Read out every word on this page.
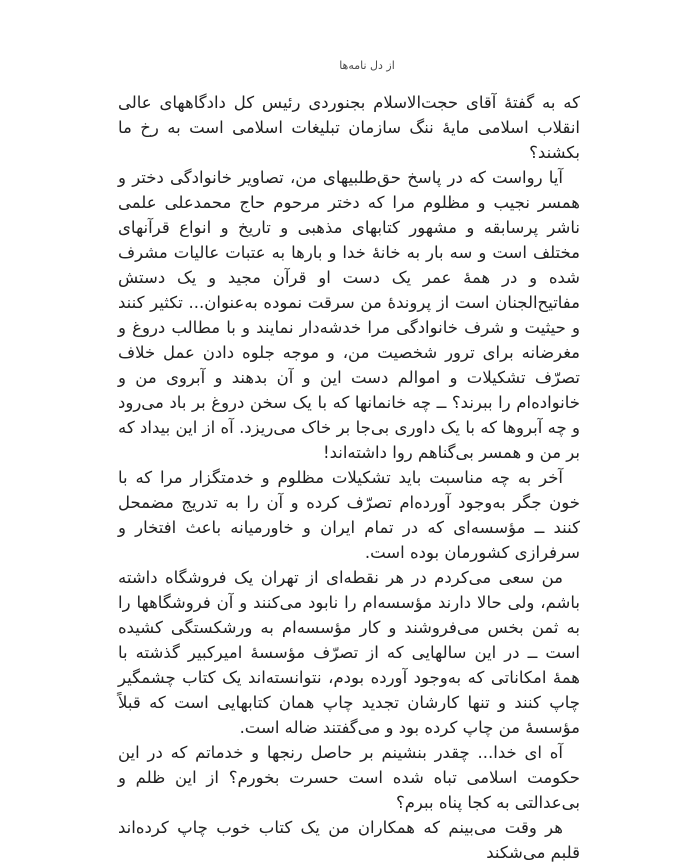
از دل نامه‌ها

که به گفتهٔ آقای حجت‌الاسلام بجنوردی رئیس کل دادگاههای عالی انقلاب اسلامی مایهٔ ننگ سازمان تبلیغات اسلامی است به رخ ما بکشند؟

آیا رواست که در پاسخ حق‌طلبیهای من، تصاویر خانوادگی دختر و همسر نجیب و مظلوم مرا که دختر مرحوم حاج محمدعلی علمی ناشر پرسابقه و مشهور کتابهای مذهبی و تاریخ و انواع قرآنهای مختلف است و سه بار به خانهٔ خدا و بارها به عتبات عالیات مشرف شده و در همهٔ عمر یک دست او قرآن مجید و یک دستش مفاتیح‌الجنان است از پروندهٔ من سرقت نموده به‌عنوان... تکثیر کنند و حیثیت و شرف خانوادگی مرا خدشه‌دار نمایند و با مطالب دروغ و مغرضانه برای ترور شخصیت من، و موجه جلوه دادن عمل خلاف تصرّف تشکیلات و اموالم دست این و آن بدهند و آبروی من و خانواده‌ام را ببرند؟ ــ چه خانمانها که با یک سخن دروغ بر باد می‌رود و چه آبروها که با یک داوری بی‌جا بر خاک می‌ریزد. آه از این بیداد که بر من و همسر بی‌گناهم روا داشته‌اند!

آخر به چه مناسبت باید تشکیلات مظلوم و خدمتگزار مرا که با خون جگر به‌وجود آورده‌ام تصرّف کرده و آن را به تدریج مضمحل کنند ــ مؤسسه‌ای که در تمام ایران و خاورمیانه باعث افتخار و سرفرازی کشورمان بوده است.

من سعی می‌کردم در هر نقطه‌ای از تهران یک فروشگاه داشته باشم، ولی حالا دارند مؤسسه‌ام را نابود می‌کنند و آن فروشگاهها را به ثمن بخس می‌فروشند و کار مؤسسه‌ام به ورشکستگی کشیده است ــ در این سالهایی که از تصرّف مؤسسهٔ امیرکبیر گذشته با همهٔ امکاناتی که به‌وجود آورده بودم، نتوانسته‌اند یک کتاب چشمگیر چاپ کنند و تنها کارشان تجدید چاپ همان کتابهایی است که قبلاً مؤسسهٔ من چاپ کرده بود و می‌گفتند ضاله است.

آه ای خدا... چقدر بنشینم بر حاصل رنجها و خدماتم که در این حکومت اسلامی تباه شده است حسرت بخورم؟ از این ظلم و بی‌عدالتی به کجا پناه ببرم؟

هر وقت می‌بینم که همکاران من یک کتاب خوب چاپ کرده‌اند قلبم می‌شکند
